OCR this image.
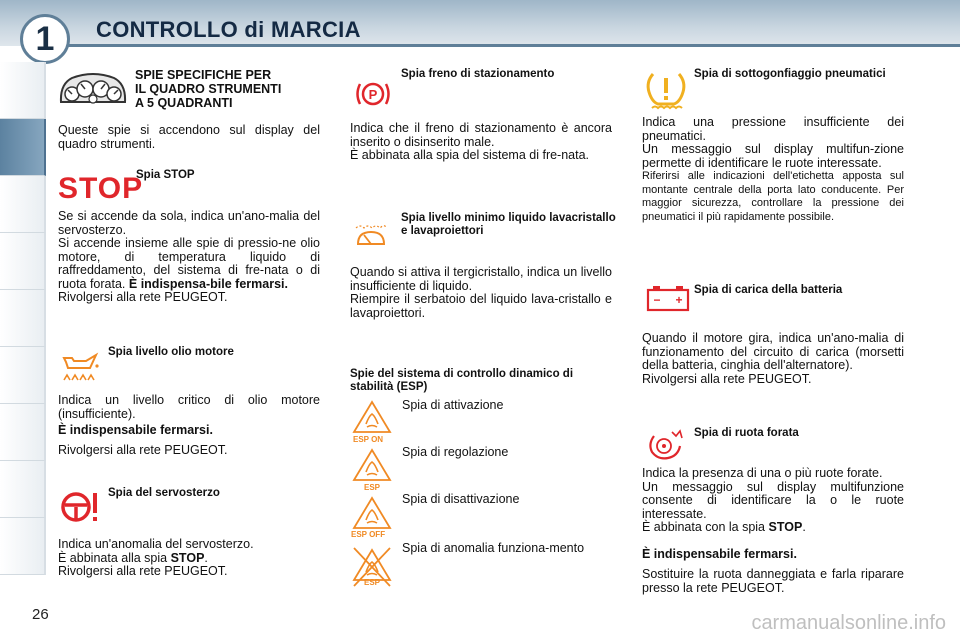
1	CONTROLLO di MARCIA
SPIE SPECIFICHE PER
IL QUADRO STRUMENTI
A 5 QUADRANTI
Queste spie si accendono sul display del quadro strumenti.
STOP
Spia STOP
Se si accende da sola, indica un'ano-malia del servosterzo.
Si accende insieme alle spie di pressio-ne olio motore, di temperatura liquido di raffreddamento, del sistema di fre-nata o di ruota forata. È indispensa-bile fermarsi.
Rivolgersi alla rete PEUGEOT.
Spia livello olio motore
Indica un livello critico di olio motore (insufficiente).
È indispensabile fermarsi.
Rivolgersi alla rete PEUGEOT.
Spia del servosterzo
Indica un'anomalia del servosterzo.
È abbinata alla spia STOP.
Rivolgersi alla rete PEUGEOT.
P
Spia freno di stazionamento
Indica che il freno di stazionamento è ancora inserito o disinserito male.
È abbinata alla spia del sistema di fre-nata.
Spia livello minimo liquido lavacristallo e lavaproiettori
Quando si attiva il tergicristallo, indica un livello insufficiente di liquido.
Riempire il serbatoio del liquido lava-cristallo e lavaproiettori.
Spie del sistema di controllo dinamico di stabilità (ESP)
ESP ON
Spia di attivazione
ESP
Spia di regolazione
ESP OFF
Spia di disattivazione
ESP
Spia di anomalia funziona-mento
Spia di sottogonfiaggio pneumatici
Indica una pressione insufficiente dei pneumatici.
Un messaggio sul display multifun-zione permette di identificare le ruote interessate.
Riferirsi alle indicazioni dell'etichetta apposta sul montante centrale della porta lato conducente. Per maggior sicurezza, controllare la pressione dei pneumatici il più rapidamente possibile.
− +
Spia di carica della batteria
Quando il motore gira, indica un'ano-malia di funzionamento del circuito di carica (morsetti della batteria, cinghia dell'alternatore).
Rivolgersi alla rete PEUGEOT.
Spia di ruota forata
Indica la presenza di una o più ruote forate.
Un messaggio sul display multifunzione consente di identificare la o le ruote interessate.
È abbinata con la spia STOP.
È indispensabile fermarsi.
Sostituire la ruota danneggiata e farla riparare presso la rete PEUGEOT.
26	carmanualsonline.info
